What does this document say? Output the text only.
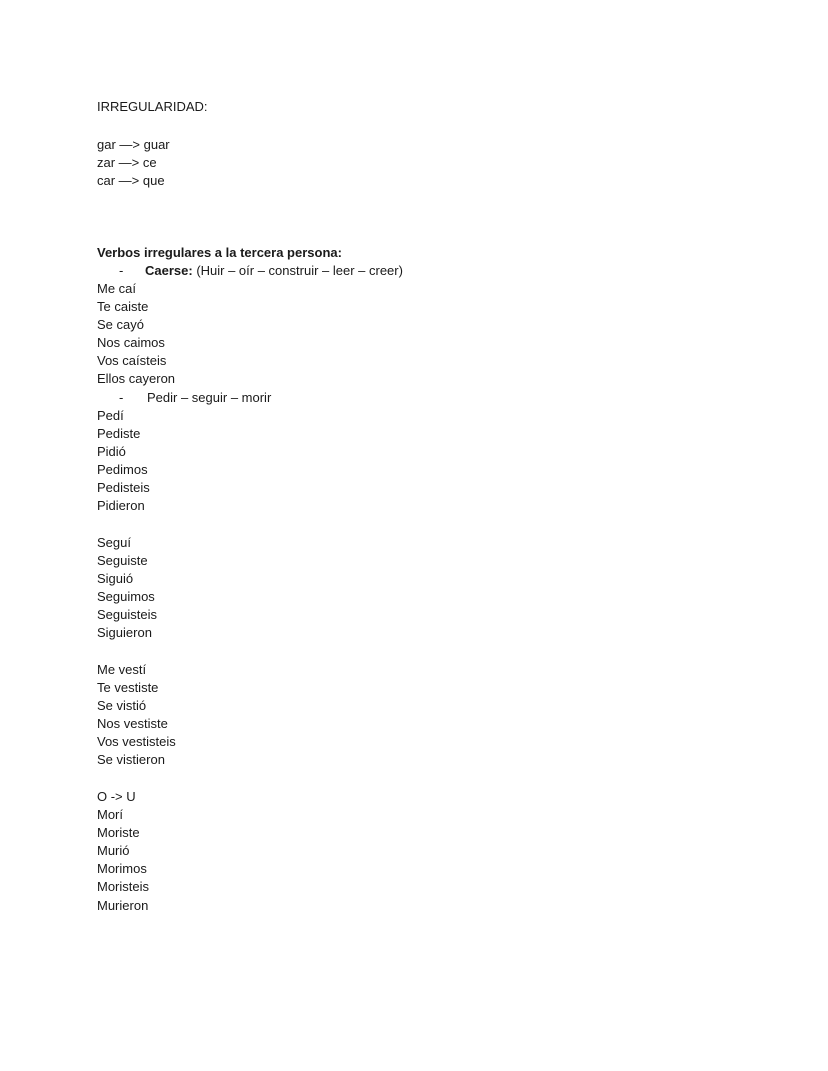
IRREGULARIDAD:
gar —> guar
zar —> ce
car —> que
Verbos irregulares a la tercera persona:
- Caerse: (Huir – oír – construir – leer – creer)
Me caí
Te caiste
Se cayó
Nos caimos
Vos caísteis
Ellos cayeron
- Pedir – seguir – morir
Pedí
Pediste
Pidió
Pedimos
Pedisteis
Pidieron
Seguí
Seguiste
Siguió
Seguimos
Seguisteis
Siguieron
Me vestí
Te vestiste
Se vistió
Nos vestiste
Vos vestisteis
Se vistieron
O -> U
Morí
Moriste
Murió
Morimos
Moristeis
Murieron
